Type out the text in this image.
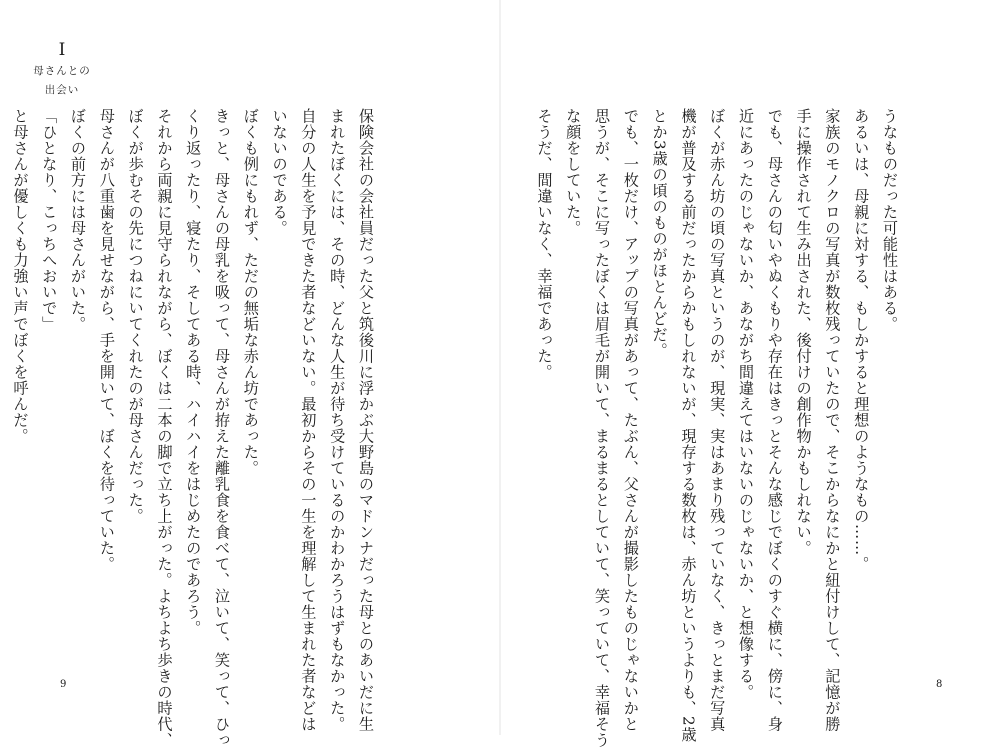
I
母さんとの
出会い
保険会社の会社員だった父と筑後川に浮かぶ大野島のマドンナだった母とのあいだに生
まれたぼくには、その時、どんな人生が待ち受けているのかわかろうはずもなかった。
自分の人生を予見できた者などいない。最初からその一生を理解して生まれた者などは
いないのである。
ぼくも例にもれず、ただの無垢な赤ん坊であった。
きっと、母さんの母乳を吸って、母さんが拵えた離乳食を食べて、泣いて、笑って、ひっ
くり返ったり、寝たり、そしてある時、ハイハイをはじめたのであろう。
それから両親に見守られながら、ぼくは二本の脚で立ち上がった。よちよち歩きの時代、
ぼくが歩むその先につねにいてくれたのが母さんだった。
母さんが八重歯を見せながら、手を開いて、ぼくを待っていた。
ぼくの前方には母さんがいた。
「ひとなり、こっちへおいで」
と母さんが優しくも力強い声でぼくを呼んだ。
9
うなものだった可能性はある。
あるいは、母親に対する、もしかすると理想のようなもの……。
家族のモノクロの写真が数枚残っていたので、そこからなにかと紐付けして、記憶が勝
手に操作されて生み出された、後付けの創作物かもしれない。
でも、母さんの匂いやぬくもりや存在はきっとそんな感じでぼくのすぐ横に、傍に、身
近にあったのじゃないか、あながち間違えてはいないのじゃないか、と想像する。
ぼくが赤ん坊の頃の写真というのが、現実、実はあまり残っていなく、きっとまだ写真
機が普及する前だったからかもしれないが、現存する数枚は、赤ん坊というよりも、2歳
とか3歳の頃のものがほとんどだ。
でも、一枚だけ、アップの写真があって、たぶん、父さんが撮影したものじゃないかと
思うが、そこに写ったぼくは眉毛が開いて、まるまるとしていて、笑っていて、幸福そう
な顔をしていた。
そうだ、間違いなく、幸福であった。
8
